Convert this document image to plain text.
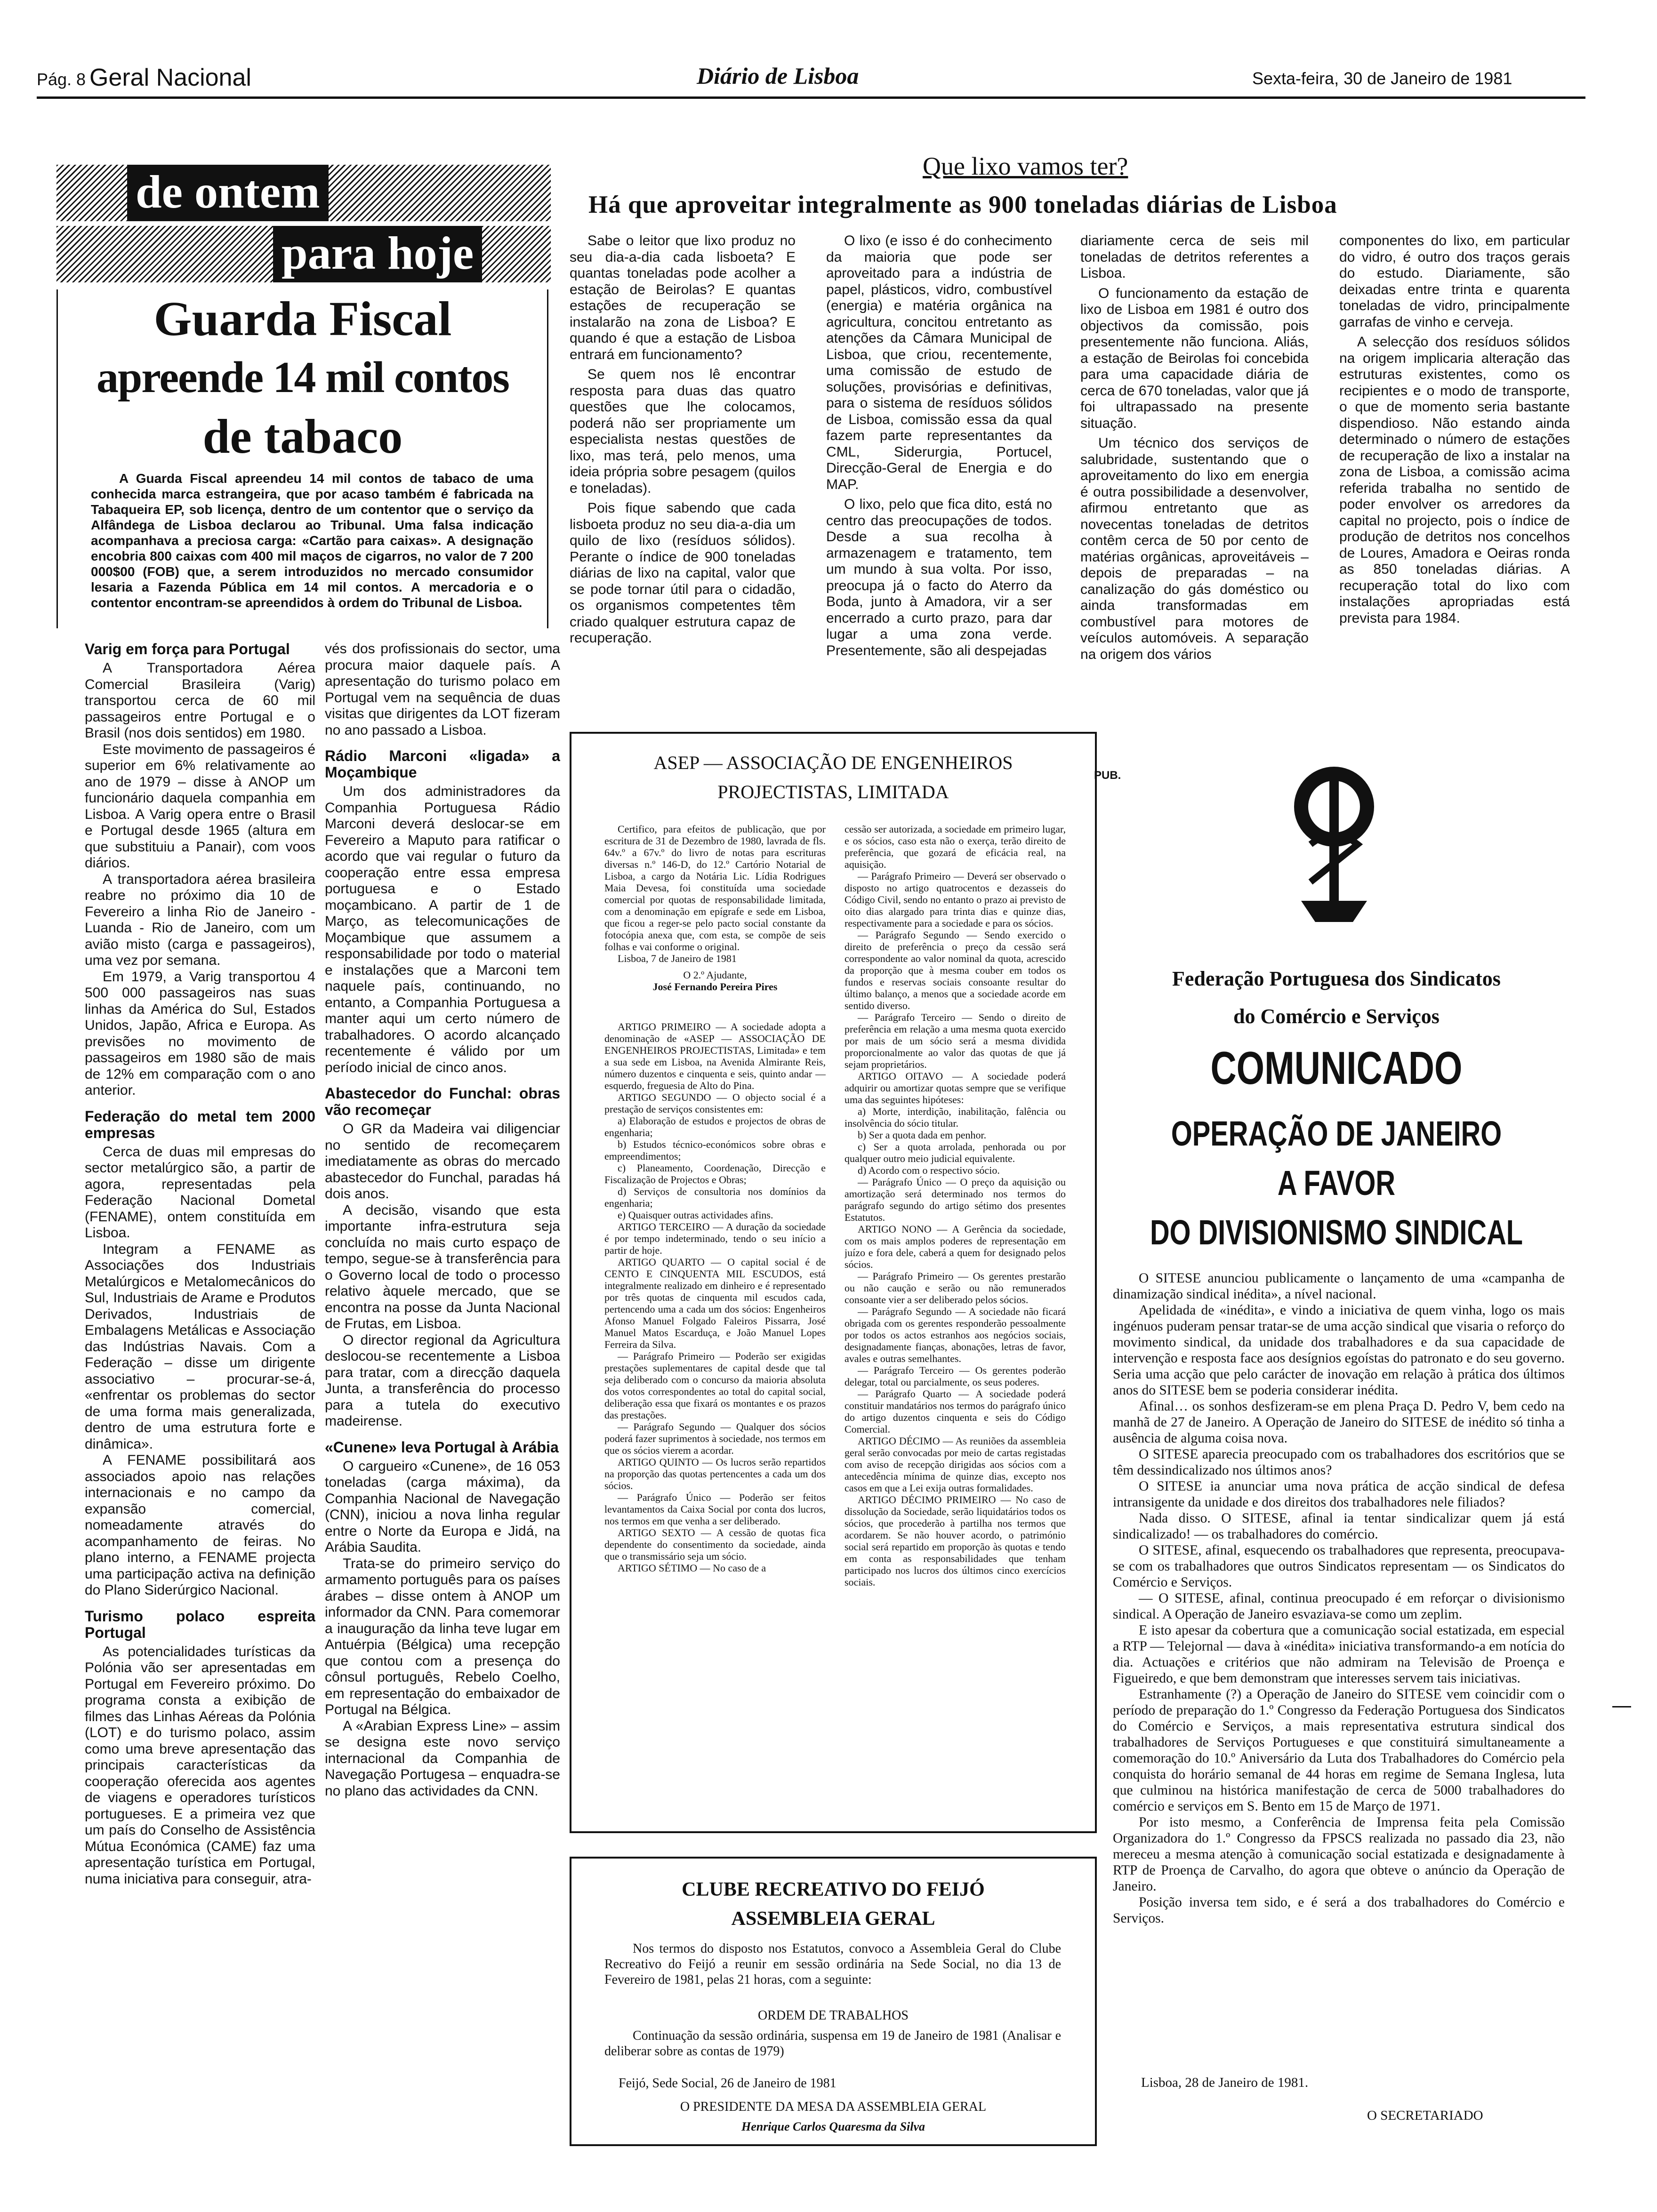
Pág. 8 Geral Nacional	Diário de Lisboa	Sexta-feira, 30 de Janeiro de 1981
de ontem
para hoje
Guarda Fiscal
apreende 14 mil contos
de tabaco
A Guarda Fiscal apreendeu 14 mil contos de tabaco de uma conhecida marca estrangeira, que por acaso também é fabricada na Tabaqueira EP, sob licença, dentro de um contentor que o serviço da Alfândega de Lisboa declarou ao Tribunal. Uma falsa indicação acompanhava a preciosa carga: «Cartão para caixas». A designação encobria 800 caixas com 400 mil maços de cigarros, no valor de 7 200 000$00 (FOB) que, a serem introduzidos no mercado consumidor lesaria a Fazenda Pública em 14 mil contos. A mercadoria e o contentor encontram-se apreendidos à ordem do Tribunal de Lisboa.
Varig em força para Portugal

A Transportadora Aérea Comercial Brasileira (Varig) transportou cerca de 60 mil passageiros entre Portugal e o Brasil (nos dois sentidos) em 1980.

Este movimento de passageiros é superior em 6% relativamente ao ano de 1979 – disse à ANOP um funcionário daquela companhia em Lisboa. A Varig opera entre o Brasil e Portugal desde 1965 (altura em que substituiu a Panair), com voos diários.

A transportadora aérea brasileira reabre no próximo dia 10 de Fevereiro a linha Rio de Janeiro - Luanda - Rio de Janeiro, com um avião misto (carga e passageiros), uma vez por semana.

Em 1979, a Varig transportou 4 500 000 passageiros nas suas linhas da América do Sul, Estados Unidos, Japão, Africa e Europa. As previsões no movimento de passageiros em 1980 são de mais de 12% em comparação com o ano anterior.

Federação do metal tem 2000 empresas

Cerca de duas mil empresas do sector metalúrgico são, a partir de agora, representadas pela Federação Nacional Dometal (FENAME), ontem constituída em Lisboa.

Integram a FENAME as Associações dos Industriais Metalúrgicos e Metalomecânicos do Sul, Industriais de Arame e Produtos Derivados, Industriais de Embalagens Metálicas e Associação das Indústrias Navais. Com a Federação – disse um dirigente associativo – procurar-se-á, «enfrentar os problemas do sector de uma forma mais generalizada, dentro de uma estrutura forte e dinâmica».

A FENAME possibilitará aos associados apoio nas relações internacionais e no campo da expansão comercial, nomeadamente através do acompanhamento de feiras. No plano interno, a FENAME projecta uma participação activa na definição do Plano Siderúrgico Nacional.

Turismo polaco espreita Portugal

As potencialidades turísticas da Polónia vão ser apresentadas em Portugal em Fevereiro próximo. Do programa consta a exibição de filmes das Linhas Aéreas da Polónia (LOT) e do turismo polaco, assim como uma breve apresentação das principais características da cooperação oferecida aos agentes de viagens e operadores turísticos portugueses. E a primeira vez que um país do Conselho de Assistência Mútua Económica (CAME) faz uma apresentação turística em Portugal, numa iniciativa para conseguir, atra-

vés dos profissionais do sector, uma procura maior daquele país. A apresentação do turismo polaco em Portugal vem na sequência de duas visitas que dirigentes da LOT fizeram no ano passado a Lisboa.

Rádio Marconi «ligada» a Moçambique

Um dos administradores da Companhia Portuguesa Rádio Marconi deverá deslocar-se em Fevereiro a Maputo para ratificar o acordo que vai regular o futuro da cooperação entre essa empresa portuguesa e o Estado moçambicano. A partir de 1 de Março, as telecomunicações de Moçambique que assumem a responsabilidade por todo o material e instalações que a Marconi tem naquele país, continuando, no entanto, a Companhia Portuguesa a manter aqui um certo número de trabalhadores. O acordo alcançado recentemente é válido por um período inicial de cinco anos.

Abastecedor do Funchal: obras vão recomeçar

O GR da Madeira vai diligenciar no sentido de recomeçarem imediatamente as obras do mercado abastecedor do Funchal, paradas há dois anos.

A decisão, visando que esta importante infra-estrutura seja concluída no mais curto espaço de tempo, segue-se à transferência para o Governo local de todo o processo relativo àquele mercado, que se encontra na posse da Junta Nacional de Frutas, em Lisboa.

O director regional da Agricultura deslocou-se recentemente a Lisboa para tratar, com a direcção daquela Junta, a transferência do processo para a tutela do executivo madeirense.

«Cunene» leva Portugal à Arábia

O cargueiro «Cunene», de 16 053 toneladas (carga máxima), da Companhia Nacional de Navegação (CNN), iniciou a nova linha regular entre o Norte da Europa e Jidá, na Arábia Saudita.

Trata-se do primeiro serviço do armamento português para os países árabes – disse ontem à ANOP um informador da CNN. Para comemorar a inauguração da linha teve lugar em Antuérpia (Bélgica) uma recepção que contou com a presença do cônsul português, Rebelo Coelho, em representação do embaixador de Portugal na Bélgica.

A «Arabian Express Line» – assim se designa este novo serviço internacional da Companhia de Navegação Portugesa – enquadra-se no plano das actividades da CNN.

Que lixo vamos ter?
Há que aproveitar integralmente as 900 toneladas diárias de Lisboa

Sabe o leitor que lixo produz no seu dia-a-dia cada lisboeta? E quantas toneladas pode acolher a estação de Beirolas? E quantas estações de recuperação se instalarão na zona de Lisboa? E quando é que a estação de Lisboa entrará em funcionamento?

Se quem nos lê encontrar resposta para duas das quatro questões que lhe colocamos, poderá não ser propriamente um especialista nestas questões de lixo, mas terá, pelo menos, uma ideia própria sobre pesagem (quilos e toneladas).

Pois fique sabendo que cada lisboeta produz no seu dia-a-dia um quilo de lixo (resíduos sólidos). Perante o índice de 900 toneladas diárias de lixo na capital, valor que se pode tornar útil para o cidadão, os organismos competentes têm criado qualquer estrutura capaz de recuperação.

O lixo (e isso é do conhecimento da maioria que pode ser aproveitado para a indústria de papel, plásticos, vidro, combustível (energia) e matéria orgânica na agricultura, concitou entretanto as atenções da Câmara Municipal de Lisboa, que criou, recentemente, uma comissão de estudo de soluções, provisórias e definitivas, para o sistema de resíduos sólidos de Lisboa, comissão essa da qual fazem parte representantes da CML, Siderurgia, Portucel, Direcção-Geral de Energia e do MAP.

O lixo, pelo que fica dito, está no centro das preocupações de todos. Desde a sua recolha à armazenagem e tratamento, tem um mundo à sua volta. Por isso, preocupa já o facto do Aterro da Boda, junto à Amadora, vir a ser encerrado a curto prazo, para dar lugar a uma zona verde. Presentemente, são ali despejadas

diariamente cerca de seis mil toneladas de detritos referentes a Lisboa.

O funcionamento da estação de lixo de Lisboa em 1981 é outro dos objectivos da comissão, pois presentemente não funciona. Aliás, a estação de Beirolas foi concebida para uma capacidade diária de cerca de 670 toneladas, valor que já foi ultrapassado na presente situação.

Um técnico dos serviços de salubridade, sustentando que o aproveitamento do lixo em energia é outra possibilidade a desenvolver, afirmou entretanto que as novecentas toneladas de detritos contêm cerca de 50 por cento de matérias orgânicas, aproveitáveis – depois de preparadas – na canalização do gás doméstico ou ainda transformadas em combustível para motores de veículos automóveis. A separação na origem dos vários

componentes do lixo, em particular do vidro, é outro dos traços gerais do estudo. Diariamente, são deixadas entre trinta e quarenta toneladas de vidro, principalmente garrafas de vinho e cerveja.

A selecção dos resíduos sólidos na origem implicaria alteração das estruturas existentes, como os recipientes e o modo de transporte, o que de momento seria bastante dispendioso. Não estando ainda determinado o número de estações de recuperação de lixo a instalar na zona de Lisboa, a comissão acima referida trabalha no sentido de poder envolver os arredores da capital no projecto, pois o índice de produção de detritos nos concelhos de Loures, Amadora e Oeiras ronda as 850 toneladas diárias. A recuperação total do lixo com instalações apropriadas está prevista para 1984.

ASEP — ASSOCIAÇÃO DE ENGENHEIROS
PROJECTISTAS, LIMITADA

Certifico, para efeitos de publicação, que por escritura de 31 de Dezembro de 1980, lavrada de fls. 64v.º a 67v.º do livro de notas para escrituras diversas n.º 146-D, do 12.º Cartório Notarial de Lisboa, a cargo da Notária Lic. Lídia Rodrigues Maia Devesa, foi constituída uma sociedade comercial por quotas de responsabilidade limitada, com a denominação em epígrafe e sede em Lisboa, que ficou a reger-se pelo pacto social constante da fotocópia anexa que, com esta, se compõe de seis folhas e vai conforme o original.

Lisboa, 7 de Janeiro de 1981

O 2.º Ajudante,
José Fernando Pereira Pires

ARTIGO PRIMEIRO — A sociedade adopta a denominação de «ASEP — ASSOCIAÇÃO DE ENGENHEIROS PROJECTISTAS, Limitada» e tem a sua sede em Lisboa, na Avenida Almirante Reis, número duzentos e cinquenta e seis, quinto andar — esquerdo, freguesia de Alto do Pina.

ARTIGO SEGUNDO — O objecto social é a prestação de serviços consistentes em:

a) Elaboração de estudos e projectos de obras de engenharia;

b) Estudos técnico-económicos sobre obras e empreendimentos;

c) Planeamento, Coordenação, Direcção e Fiscalização de Projectos e Obras;

d) Serviços de consultoria nos domínios da engenharia;

e) Quaisquer outras actividades afins.

ARTIGO TERCEIRO — A duração da sociedade é por tempo indeterminado, tendo o seu início a partir de hoje.

ARTIGO QUARTO — O capital social é de CENTO E CINQUENTA MIL ESCUDOS, está integralmente realizado em dinheiro e é representado por três quotas de cinquenta mil escudos cada, pertencendo uma a cada um dos sócios: Engenheiros Afonso Manuel Folgado Faleiros Pissarra, José Manuel Matos Escarduça, e João Manuel Lopes Ferreira da Silva.

— Parágrafo Primeiro — Poderão ser exigidas prestações suplementares de capital desde que tal seja deliberado com o concurso da maioria absoluta dos votos correspondentes ao total do capital social, deliberação essa que fixará os montantes e os prazos das prestações.

— Parágrafo Segundo — Qualquer dos sócios poderá fazer suprimentos à sociedade, nos termos em que os sócios vierem a acordar.

ARTIGO QUINTO — Os lucros serão repartidos na proporção das quotas pertencentes a cada um dos sócios.

— Parágrafo Único — Poderão ser feitos levantamentos da Caixa Social por conta dos lucros, nos termos em que venha a ser deliberado.

ARTIGO SEXTO — A cessão de quotas fica dependente do consentimento da sociedade, ainda que o transmissário seja um sócio.

ARTIGO SÉTIMO — No caso de a

cessão ser autorizada, a sociedade em primeiro lugar, e os sócios, caso esta não o exerça, terão direito de preferência, que gozará de eficácia real, na aquisição.

— Parágrafo Primeiro — Deverá ser observado o disposto no artigo quatrocentos e dezasseis do Código Civil, sendo no entanto o prazo ai previsto de oito dias alargado para trinta dias e quinze dias, respectivamente para a sociedade e para os sócios.

— Parágrafo Segundo — Sendo exercido o direito de preferência o preço da cessão será correspondente ao valor nominal da quota, acrescido da proporção que à mesma couber em todos os fundos e reservas sociais consoante resultar do último balanço, a menos que a sociedade acorde em sentido diverso.

— Parágrafo Terceiro — Sendo o direito de preferência em relação a uma mesma quota exercido por mais de um sócio será a mesma dividida proporcionalmente ao valor das quotas de que já sejam proprietários.

ARTIGO OITAVO — A sociedade poderá adquirir ou amortizar quotas sempre que se verifique uma das seguintes hipóteses:

a) Morte, interdição, inabilitação, falência ou insolvência do sócio titular.

b) Ser a quota dada em penhor.

c) Ser a quota arrolada, penhorada ou por qualquer outro meio judicial equivalente.

d) Acordo com o respectivo sócio.

— Parágrafo Único — O preço da aquisição ou amortização será determinado nos termos do parágrafo segundo do artigo sétimo dos presentes Estatutos.

ARTIGO NONO — A Gerência da sociedade, com os mais amplos poderes de representação em juízo e fora dele, caberá a quem for designado pelos sócios.

— Parágrafo Primeiro — Os gerentes prestarão ou não caução e serão ou não remunerados consoante vier a ser deliberado pelos sócios.

— Parágrafo Segundo — A sociedade não ficará obrigada com os gerentes responderão pessoalmente por todos os actos estranhos aos negócios sociais, designadamente fianças, abonações, letras de favor, avales e outras semelhantes.

— Parágrafo Terceiro — Os gerentes poderão delegar, total ou parcialmente, os seus poderes.

— Parágrafo Quarto — A sociedade poderá constituir mandatários nos termos do parágrafo único do artigo duzentos cinquenta e seis do Código Comercial.

ARTIGO DÉCIMO — As reuniões da assembleia geral serão convocadas por meio de cartas registadas com aviso de recepção dirigidas aos sócios com a antecedência mínima de quinze dias, excepto nos casos em que a Lei exija outras formalidades.

ARTIGO DÉCIMO PRIMEIRO — No caso de dissolução da Sociedade, serão liquidatários todos os sócios, que procederão à partilha nos termos que acordarem. Se não houver acordo, o património social será repartido em proporção às quotas e tendo em conta as responsabilidades que tenham participado nos lucros dos últimos cinco exercícios sociais.

CLUBE RECREATIVO DO FEIJÓ
ASSEMBLEIA GERAL
Nos termos do disposto nos Estatutos, convoco a Assembleia Geral do Clube Recreativo do Feijó a reunir em sessão ordinária na Sede Social, no dia 13 de Fevereiro de 1981, pelas 21 horas, com a seguinte:
ORDEM DE TRABALHOS
Continuação da sessão ordinária, suspensa em 19 de Janeiro de 1981 (Analisar e deliberar sobre as contas de 1979)
Feijó, Sede Social, 26 de Janeiro de 1981
O PRESIDENTE DA MESA DA ASSEMBLEIA GERAL
Henrique Carlos Quaresma da Silva
PUB.
Federação Portuguesa dos Sindicatos
do Comércio e Serviços
COMUNICADO
OPERAÇÃO DE JANEIRO
A FAVOR
DO DIVISIONISMO SINDICAL

O SITESE anunciou publicamente o lançamento de uma «campanha de dinamização sindical inédita», a nível nacional.

Apelidada de «inédita», e vindo a iniciativa de quem vinha, logo os mais ingénuos puderam pensar tratar-se de uma acção sindical que visaria o reforço do movimento sindical, da unidade dos trabalhadores e da sua capacidade de intervenção e resposta face aos desígnios egoístas do patronato e do seu governo. Seria uma acção que pelo carácter de inovação em relação à prática dos últimos anos do SITESE bem se poderia considerar inédita.

Afinal… os sonhos desfizeram-se em plena Praça D. Pedro V, bem cedo na manhã de 27 de Janeiro. A Operação de Janeiro do SITESE de inédito só tinha a ausência de alguma coisa nova.

O SITESE aparecia preocupado com os trabalhadores dos escritórios que se têm dessindicalizado nos últimos anos?

O SITESE ia anunciar uma nova prática de acção sindical de defesa intransigente da unidade e dos direitos dos trabalhadores nele filiados?

Nada disso. O SITESE, afinal ia tentar sindicalizar quem já está sindicalizado! — os trabalhadores do comércio.

O SITESE, afinal, esquecendo os trabalhadores que representa, preocupava-se com os trabalhadores que outros Sindicatos representam — os Sindicatos do Comércio e Serviços.

— O SITESE, afinal, continua preocupado é em reforçar o divisionismo sindical. A Operação de Janeiro esvaziava-se como um zeplim.

E isto apesar da cobertura que a comunicação social estatizada, em especial a RTP — Telejornal — dava à «inédita» iniciativa transformando-a em notícia do dia. Actuações e critérios que não admiram na Televisão de Proença e Figueiredo, e que bem demonstram que interesses servem tais iniciativas.

Estranhamente (?) a Operação de Janeiro do SITESE vem coincidir com o período de preparação do 1.º Congresso da Federação Portuguesa dos Sindicatos do Comércio e Serviços, a mais representativa estrutura sindical dos trabalhadores de Serviços Portugueses e que constituirá simultaneamente a comemoração do 10.º Aniversário da Luta dos Trabalhadores do Comércio pela conquista do horário semanal de 44 horas em regime de Semana Inglesa, luta que culminou na histórica manifestação de cerca de 5000 trabalhadores do comércio e serviços em S. Bento em 15 de Março de 1971.

Por isto mesmo, a Conferência de Imprensa feita pela Comissão Organizadora do 1.º Congresso da FPSCS realizada no passado dia 23, não mereceu a mesma atenção à comunicação social estatizada e designadamente à RTP de Proença de Carvalho, do agora que obteve o anúncio da Operação de Janeiro.

Posição inversa tem sido, e é será a dos trabalhadores do Comércio e Serviços.

Lisboa, 28 de Janeiro de 1981.
O SECRETARIADO
